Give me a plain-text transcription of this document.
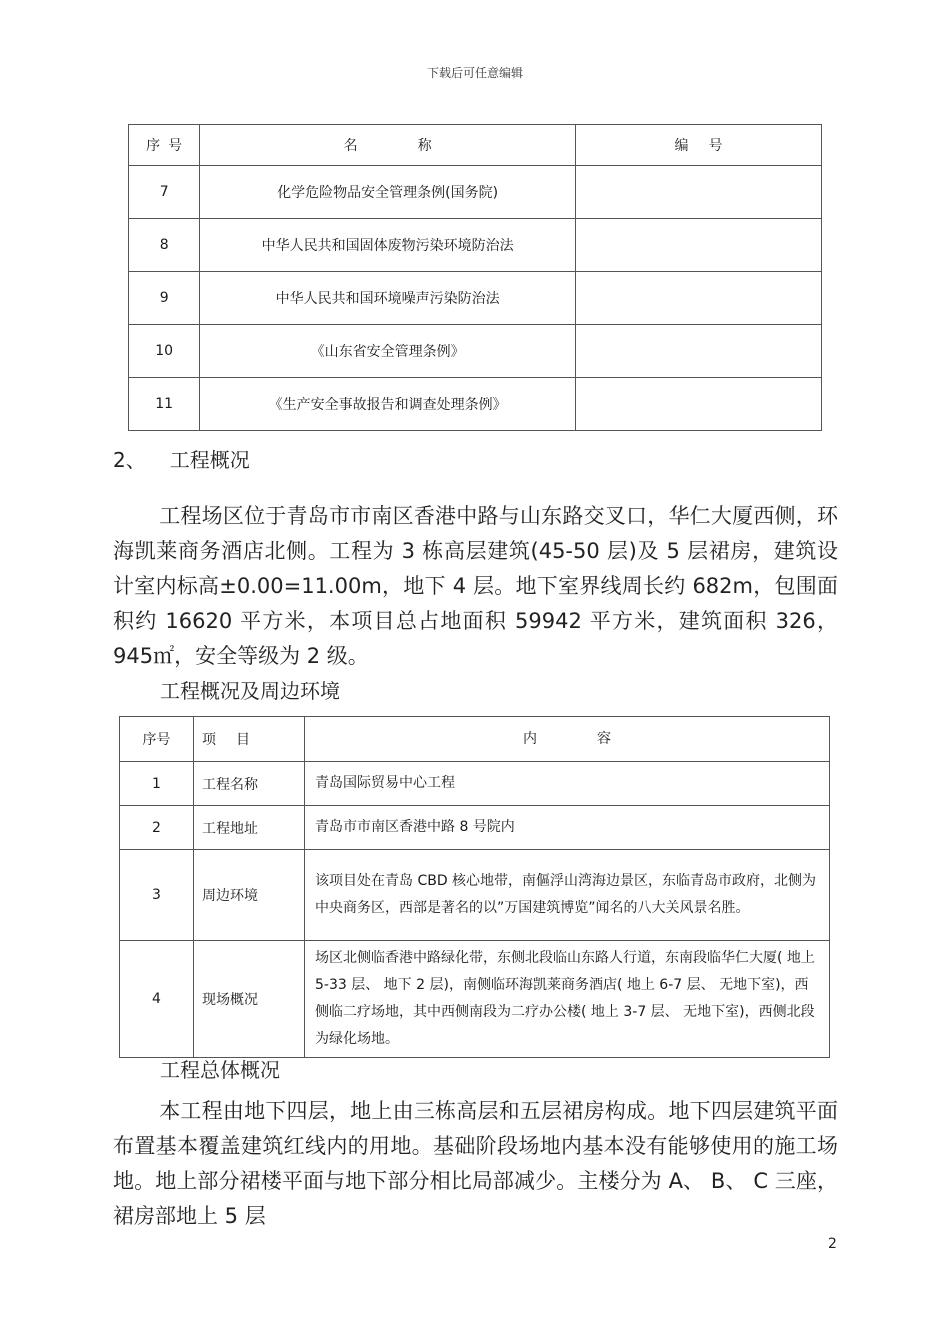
下载后可任意编辑
序号	名称	编号
7	化学危险物品安全管理条例(国务院)	
8	中华人民共和国固体废物污染环境防治法	
9	中华人民共和国环境噪声污染防治法	
10	《山东省安全管理条例》	
11	《生产安全事故报告和调查处理条例》	
2、 工程概况
工程场区位于青岛市市南区香港中路与山东路交叉口，华仁大厦西侧，环海凯莱商务酒店北侧。工程为 3 栋高层建筑(45-50 层)及 5 层裙房，建筑设计室内标高±0.00=11.00m，地下 4 层。地下室界线周长约 682m，包围面积约 16620 平方米，本项目总占地面积 59942 平方米，建筑面积 326，945㎡，安全等级为 2 级。
工程概况及周边环境
序号	项目	内容
1	工程名称	青岛国际贸易中心工程
2	工程地址	青岛市市南区香港中路 8 号院内
3	周边环境	该项目处在青岛 CBD 核心地带，南傴浮山湾海边景区，东临青岛市政府，北侧为中央商务区，西部是著名的以”万国建筑博览”闻名的八大关风景名胜。
4	现场概况	场区北侧临香港中路绿化带，东侧北段临山东路人行道，东南段临华仁大厦( 地上 5-33 层、 地下 2 层)，南侧临环海凯莱商务酒店( 地上 6-7 层、 无地下室)，西侧临二疗场地，其中西侧南段为二疗办公楼( 地上 3-7 层、 无地下室)，西侧北段为绿化场地。
工程总体概况
本工程由地下四层，地上由三栋高层和五层裙房构成。地下四层建筑平面布置基本覆盖建筑红线内的用地。基础阶段场地内基本没有能够使用的施工场地。地上部分裙楼平面与地下部分相比局部减少。主楼分为 A、 B、 C 三座，裙房部地上 5 层
2
